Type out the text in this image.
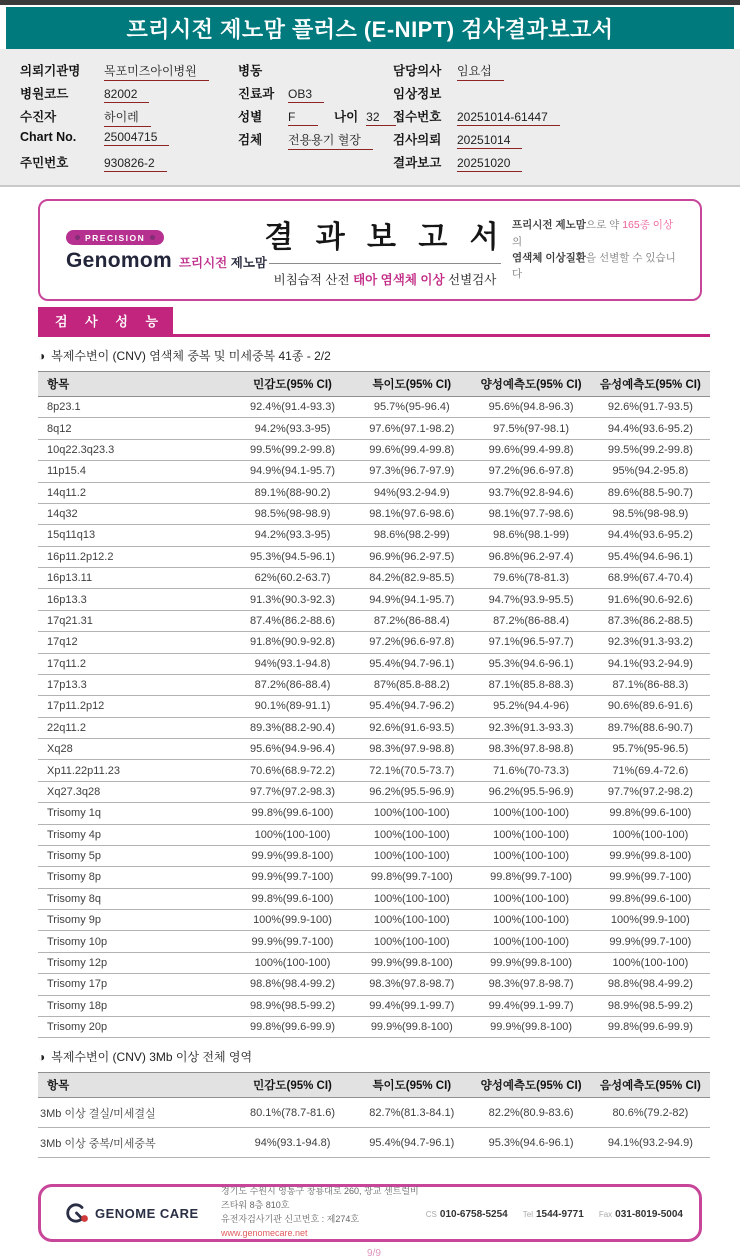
프리시전 제노맘 플러스 (E-NIPT) 검사결과보고서
의뢰기관명	목포미즈아이병원
병원코드	82002
수진자	하이레
Chart No.	25004715
주민번호	930826-2
병동
진료과	OB3
성별	F	나이 32
검체	전용용기 혈장
담당의사	임요섭
임상정보
접수번호	20251014-61447
검사의뢰	20251014
결과보고	20251020
PRECISION
Genomom 프리시전 제노맘
결 과 보 고 서
비침습적 산전 태아 염색체 이상 선별검사
프리시전 제노맘으로 약 165종 이상의
염색체 이상질환을 선별할 수 있습니다
검 사 성 능
◑ 복제수변이 (CNV) 염색체 중복 및 미세중복 41종 - 2/2
항목	민감도(95% CI)	특이도(95% CI)	양성예측도(95% CI)	음성예측도(95% CI)
8p23.1	92.4%(91.4-93.3)	95.7%(95-96.4)	95.6%(94.8-96.3)	92.6%(91.7-93.5)
8q12	94.2%(93.3-95)	97.6%(97.1-98.2)	97.5%(97-98.1)	94.4%(93.6-95.2)
10q22.3q23.3	99.5%(99.2-99.8)	99.6%(99.4-99.8)	99.6%(99.4-99.8)	99.5%(99.2-99.8)
11p15.4	94.9%(94.1-95.7)	97.3%(96.7-97.9)	97.2%(96.6-97.8)	95%(94.2-95.8)
14q11.2	89.1%(88-90.2)	94%(93.2-94.9)	93.7%(92.8-94.6)	89.6%(88.5-90.7)
14q32	98.5%(98-98.9)	98.1%(97.6-98.6)	98.1%(97.7-98.6)	98.5%(98-98.9)
15q11q13	94.2%(93.3-95)	98.6%(98.2-99)	98.6%(98.1-99)	94.4%(93.6-95.2)
16p11.2p12.2	95.3%(94.5-96.1)	96.9%(96.2-97.5)	96.8%(96.2-97.4)	95.4%(94.6-96.1)
16p13.11	62%(60.2-63.7)	84.2%(82.9-85.5)	79.6%(78-81.3)	68.9%(67.4-70.4)
16p13.3	91.3%(90.3-92.3)	94.9%(94.1-95.7)	94.7%(93.9-95.5)	91.6%(90.6-92.6)
17q21.31	87.4%(86.2-88.6)	87.2%(86-88.4)	87.2%(86-88.4)	87.3%(86.2-88.5)
17q12	91.8%(90.9-92.8)	97.2%(96.6-97.8)	97.1%(96.5-97.7)	92.3%(91.3-93.2)
17q11.2	94%(93.1-94.8)	95.4%(94.7-96.1)	95.3%(94.6-96.1)	94.1%(93.2-94.9)
17p13.3	87.2%(86-88.4)	87%(85.8-88.2)	87.1%(85.8-88.3)	87.1%(86-88.3)
17p11.2p12	90.1%(89-91.1)	95.4%(94.7-96.2)	95.2%(94.4-96)	90.6%(89.6-91.6)
22q11.2	89.3%(88.2-90.4)	92.6%(91.6-93.5)	92.3%(91.3-93.3)	89.7%(88.6-90.7)
Xq28	95.6%(94.9-96.4)	98.3%(97.9-98.8)	98.3%(97.8-98.8)	95.7%(95-96.5)
Xp11.22p11.23	70.6%(68.9-72.2)	72.1%(70.5-73.7)	71.6%(70-73.3)	71%(69.4-72.6)
Xq27.3q28	97.7%(97.2-98.3)	96.2%(95.5-96.9)	96.2%(95.5-96.9)	97.7%(97.2-98.2)
Trisomy 1q	99.8%(99.6-100)	100%(100-100)	100%(100-100)	99.8%(99.6-100)
Trisomy 4p	100%(100-100)	100%(100-100)	100%(100-100)	100%(100-100)
Trisomy 5p	99.9%(99.8-100)	100%(100-100)	100%(100-100)	99.9%(99.8-100)
Trisomy 8p	99.9%(99.7-100)	99.8%(99.7-100)	99.8%(99.7-100)	99.9%(99.7-100)
Trisomy 8q	99.8%(99.6-100)	100%(100-100)	100%(100-100)	99.8%(99.6-100)
Trisomy 9p	100%(99.9-100)	100%(100-100)	100%(100-100)	100%(99.9-100)
Trisomy 10p	99.9%(99.7-100)	100%(100-100)	100%(100-100)	99.9%(99.7-100)
Trisomy 12p	100%(100-100)	99.9%(99.8-100)	99.9%(99.8-100)	100%(100-100)
Trisomy 17p	98.8%(98.4-99.2)	98.3%(97.8-98.7)	98.3%(97.8-98.7)	98.8%(98.4-99.2)
Trisomy 18p	98.9%(98.5-99.2)	99.4%(99.1-99.7)	99.4%(99.1-99.7)	98.9%(98.5-99.2)
Trisomy 20p	99.8%(99.6-99.9)	99.9%(99.8-100)	99.9%(99.8-100)	99.8%(99.6-99.9)
◑ 복제수변이 (CNV) 3Mb 이상 전체 영역
항목	민감도(95% CI)	특이도(95% CI)	양성예측도(95% CI)	음성예측도(95% CI)
3Mb 이상 결실/미세결실	80.1%(78.7-81.6)	82.7%(81.3-84.1)	82.2%(80.9-83.6)	80.6%(79.2-82)
3Mb 이상 중복/미세중복	94%(93.1-94.8)	95.4%(94.7-96.1)	95.3%(94.6-96.1)	94.1%(93.2-94.9)
GENOME CARE
경기도 수원시 영통구 창룡대로 260, 광교 센트럴비즈타워 8층 810호
유전자검사기관 신고번호 : 제274호
www.genomecare.net
CS 010-6758-5254 Tel 1544-9771 Fax 031-8019-5004
9/9
